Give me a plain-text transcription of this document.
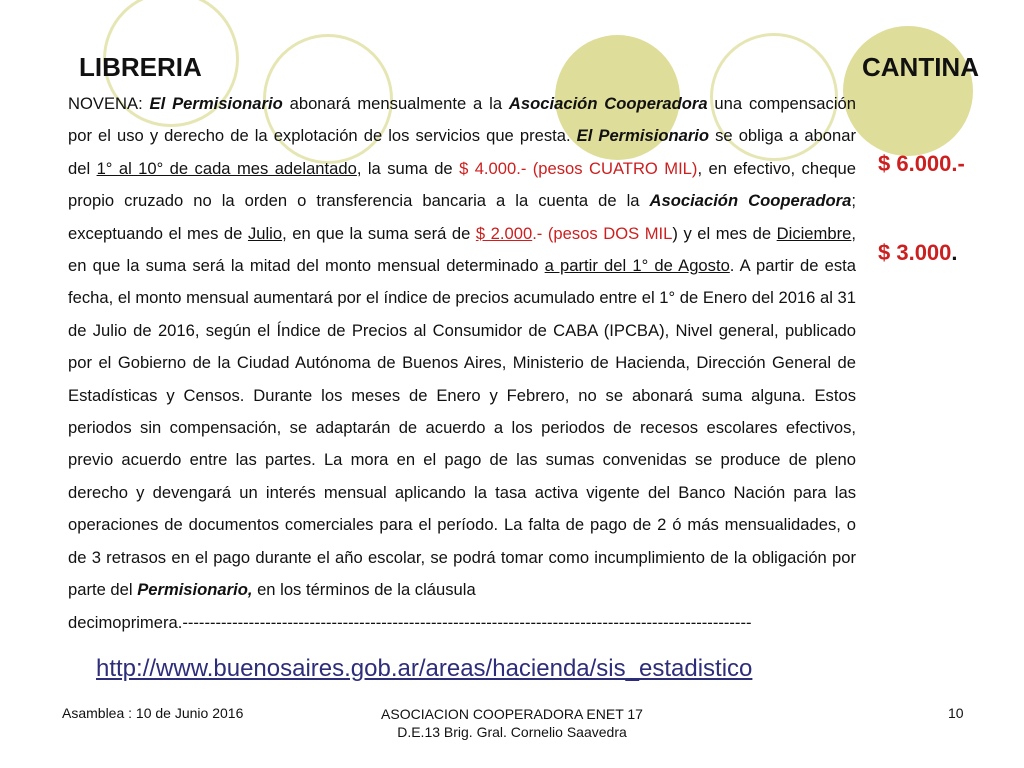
LIBRERIA	CANTINA
$ 6.000.-
$ 3.000.
NOVENA: El Permisionario abonará mensualmente a la Asociación Cooperadora una compensación por el uso y derecho de la explotación de los servicios que presta. El Permisionario se obliga a abonar del 1° al 10° de cada mes adelantado, la suma de $ 4.000.- (pesos CUATRO MIL), en efectivo, cheque propio cruzado no la orden o transferencia bancaria a la cuenta de la Asociación Cooperadora; exceptuando el mes de Julio, en que la suma será de $ 2.000.- (pesos DOS MIL) y el mes de Diciembre, en que la suma será la mitad del monto mensual determinado a partir del 1° de Agosto. A partir de esta fecha, el monto mensual aumentará por el índice de precios acumulado entre el 1° de Enero del 2016 al 31 de Julio de 2016, según el Índice de Precios al Consumidor de CABA (IPCBA), Nivel general, publicado por el Gobierno de la Ciudad Autónoma de Buenos Aires, Ministerio de Hacienda, Dirección General de Estadísticas y Censos. Durante los meses de Enero y Febrero, no se abonará suma alguna. Estos periodos sin compensación, se adaptarán de acuerdo a los periodos de recesos escolares efectivos, previo acuerdo entre las partes. La mora en el pago de las sumas convenidas se produce de pleno derecho y devengará un interés mensual aplicando la tasa activa vigente del Banco Nación para las operaciones de documentos comerciales para el período. La falta de pago de 2 ó más mensualidades, o de 3 retrasos en el pago durante el año escolar, se podrá tomar como incumplimiento de la obligación por parte del Permisionario, en los términos de la cláusula
decimoprimera.-------------------------------------------------------------------------------------------------------
http://www.buenosaires.gob.ar/areas/hacienda/sis_estadistico
Asamblea : 10 de Junio 2016	ASOCIACION COOPERADORA ENET 17
D.E.13 Brig. Gral. Cornelio Saavedra
10
